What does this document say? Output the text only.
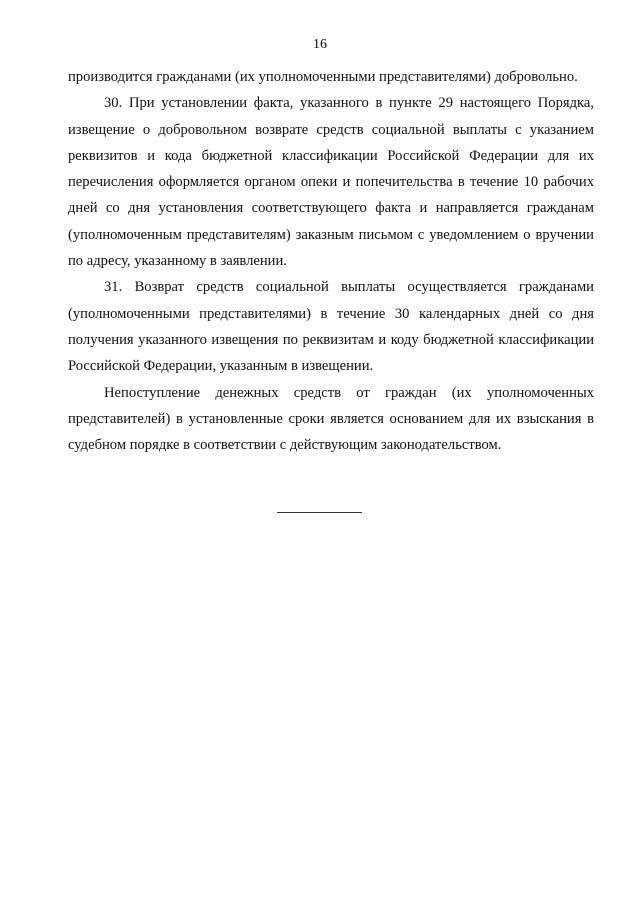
16

производится гражданами (их уполномоченными представителями) добровольно.

30. При установлении факта, указанного в пункте 29 настоящего Порядка, извещение о добровольном возврате средств социальной выплаты с указанием реквизитов и кода бюджетной классификации Российской Федерации для их перечисления оформляется органом опеки и попечительства в течение 10 рабочих дней со дня установления соответствующего факта и направляется гражданам (уполномоченным представителям) заказным письмом с уведомлением о вручении по адресу, указанному в заявлении.

31. Возврат средств социальной выплаты осуществляется гражданами (уполномоченными представителями) в течение 30 календарных дней со дня получения указанного извещения по реквизитам и коду бюджетной классификации Российской Федерации, указанным в извещении.

Непоступление денежных средств от граждан (их уполномоченных представителей) в установленные сроки является основанием для их взыскания в судебном порядке в соответствии с действующим законодательством.
